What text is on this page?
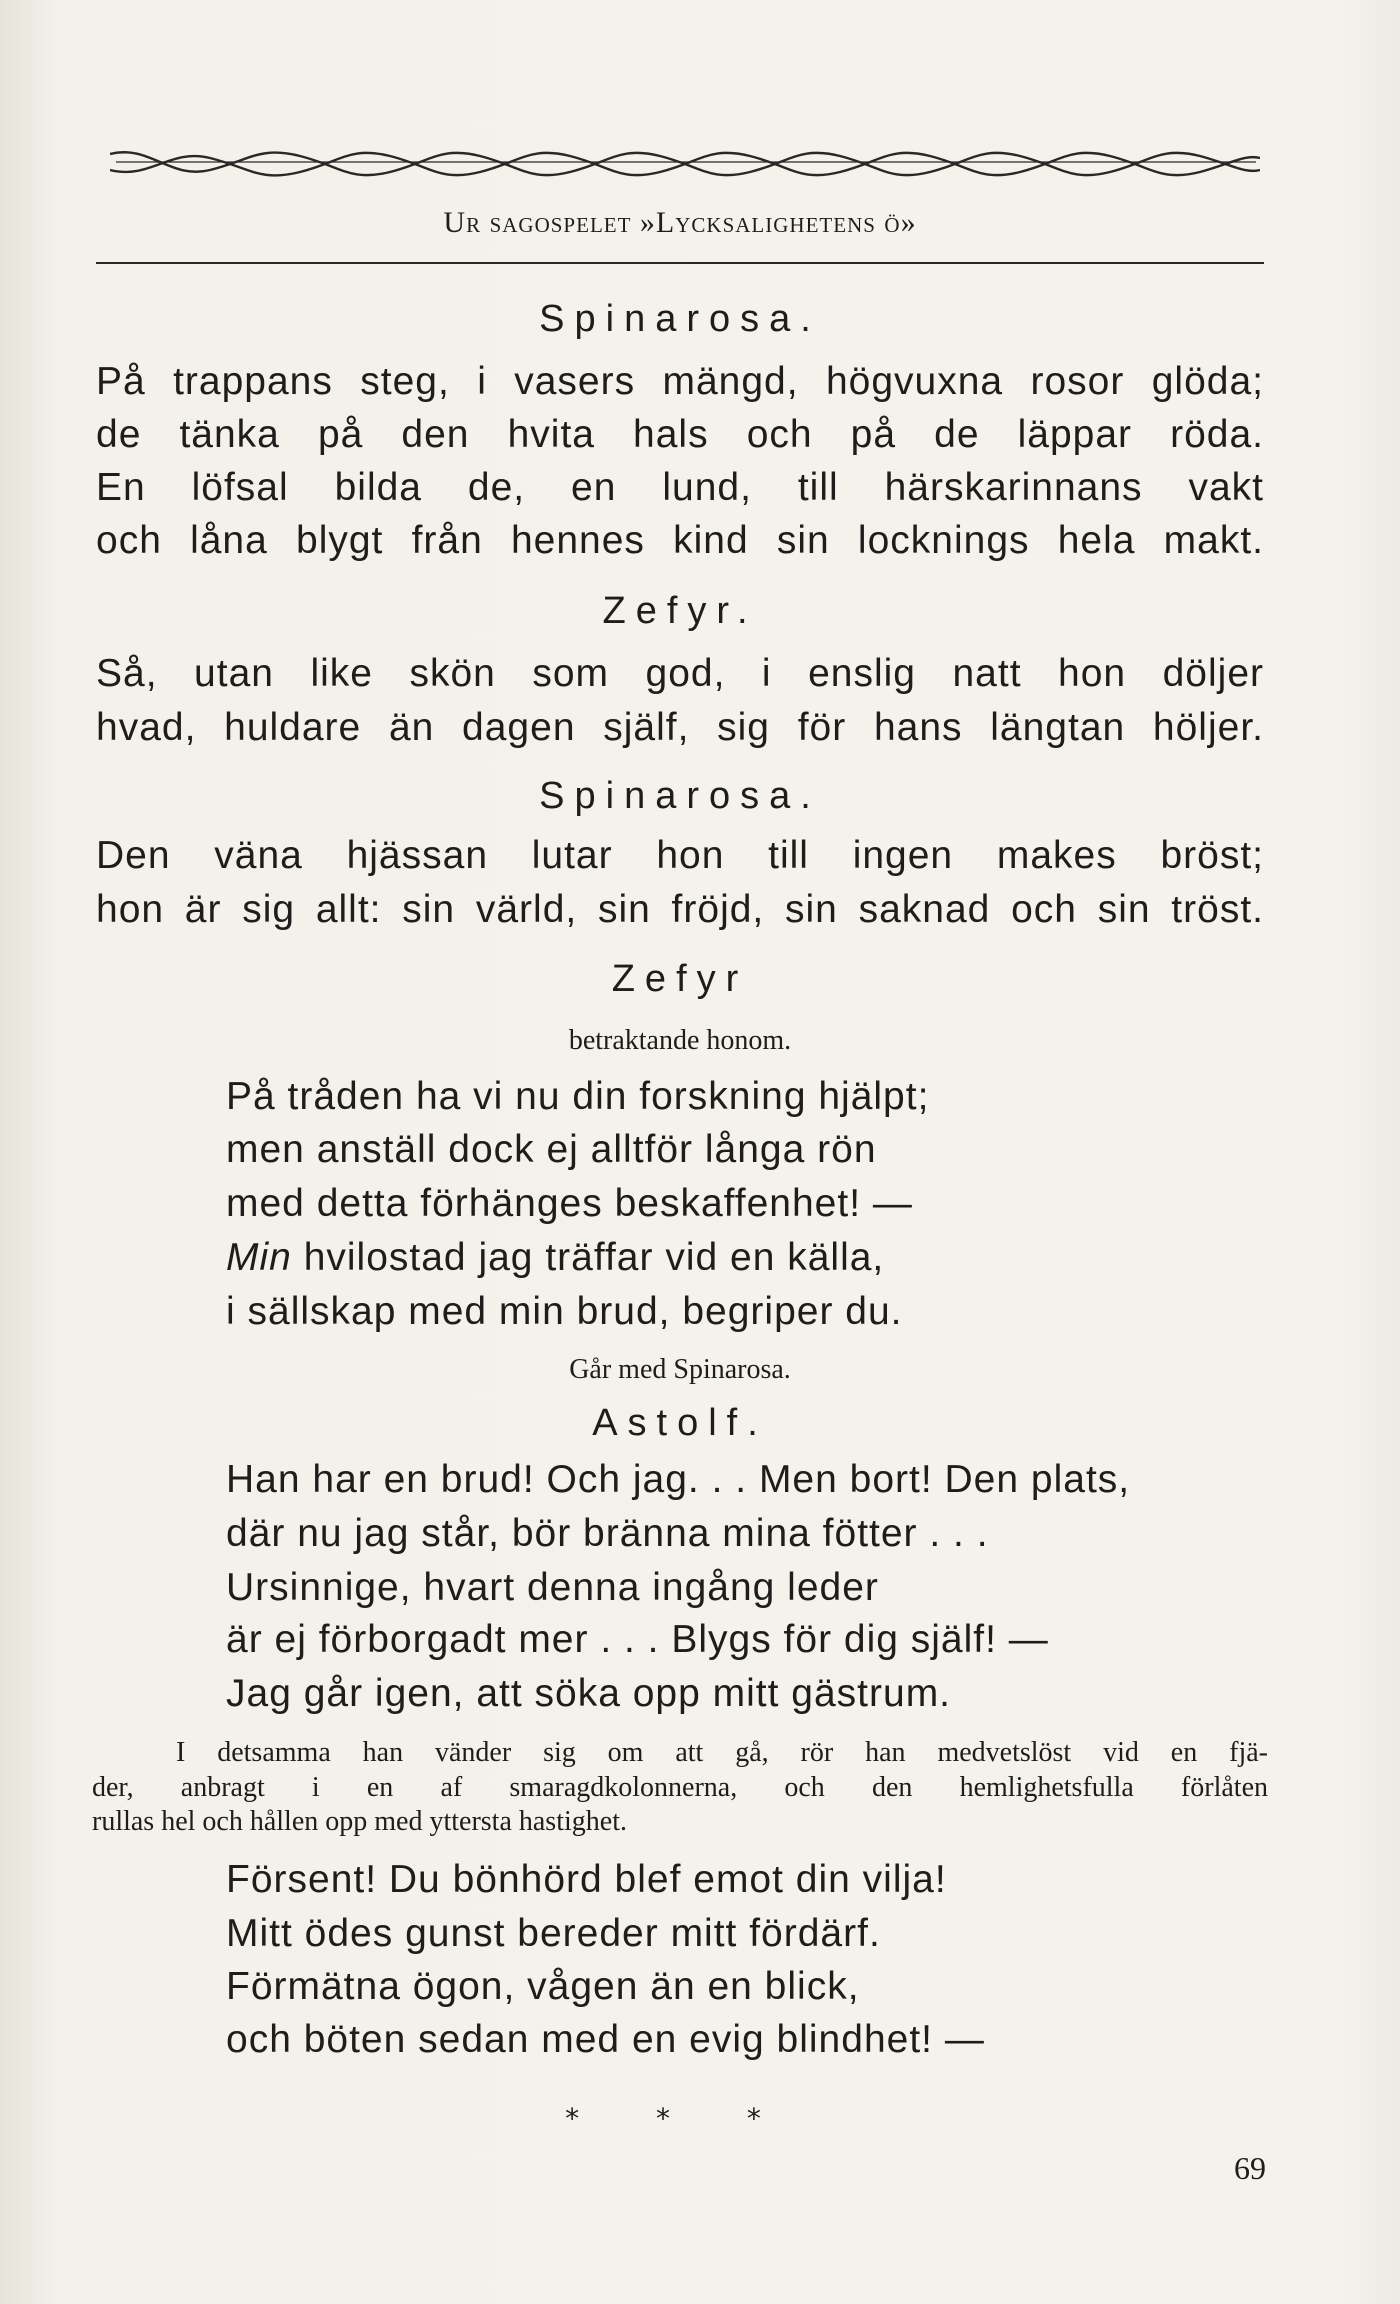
Ur sagospelet »Lycksalighetens ö»
Spinarosa.
På trappans steg, i vasers mängd, högvuxna rosor glöda;
de tänka på den hvita hals och på de läppar röda.
En löfsal bilda de, en lund, till härskarinnans vakt
och låna blygt från hennes kind sin locknings hela makt.
Zefyr.
Så, utan like skön som god, i enslig natt hon döljer
hvad, huldare än dagen själf, sig för hans längtan höljer.
Spinarosa.
Den väna hjässan lutar hon till ingen makes bröst;
hon är sig allt: sin värld, sin fröjd, sin saknad och sin tröst.
Zefyr
betraktande honom.
På tråden ha vi nu din forskning hjälpt;
men anställ dock ej alltför långa rön
med detta förhänges beskaffenhet! —
Min hvilostad jag träffar vid en källa,
i sällskap med min brud, begriper du.
Går med Spinarosa.
Astolf.
Han har en brud! Och jag. . . Men bort! Den plats,
där nu jag står, bör bränna mina fötter . . .
Ursinnige, hvart denna ingång leder
är ej förborgadt mer . . . Blygs för dig själf! —
Jag går igen, att söka opp mitt gästrum.
I detsamma han vänder sig om att gå, rör han medvetslöst vid en fjä-
der, anbragt i en af smaragdkolonnerna, och den hemlighetsfulla förlåten
rullas hel och hållen opp med yttersta hastighet.
Försent! Du bönhörd blef emot din vilja!
Mitt ödes gunst bereder mitt fördärf.
Förmätna ögon, vågen än en blick,
och böten sedan med en evig blindhet! —
* * *
69
